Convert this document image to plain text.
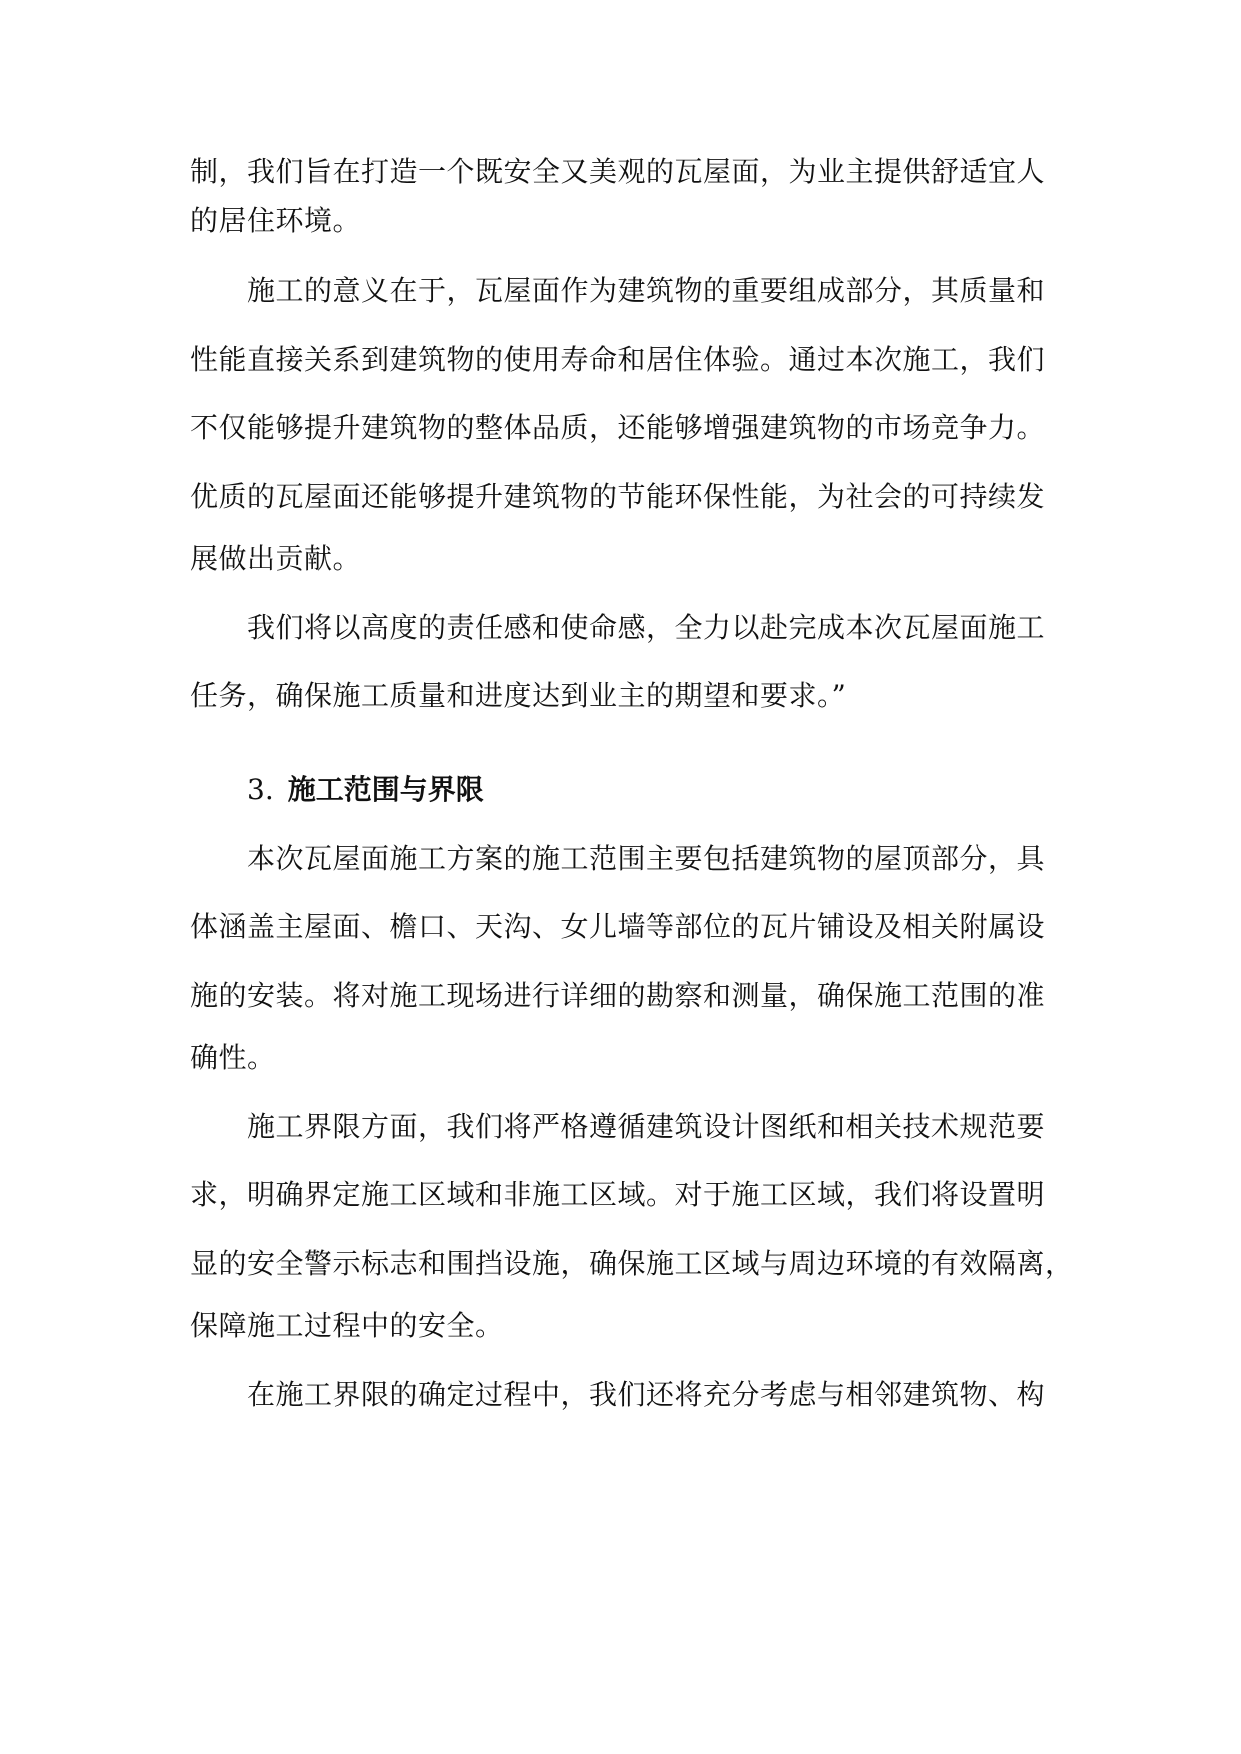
制，我们旨在打造一个既安全又美观的瓦屋面，为业主提供舒适宜人
的居住环境。
施工的意义在于，瓦屋面作为建筑物的重要组成部分，其质量和
性能直接关系到建筑物的使用寿命和居住体验。通过本次施工，我们
不仅能够提升建筑物的整体品质，还能够增强建筑物的市场竞争力。
优质的瓦屋面还能够提升建筑物的节能环保性能，为社会的可持续发
展做出贡献。
我们将以高度的责任感和使命感，全力以赴完成本次瓦屋面施工
任务，确保施工质量和进度达到业主的期望和要求。”
3. 施工范围与界限
本次瓦屋面施工方案的施工范围主要包括建筑物的屋顶部分，具
体涵盖主屋面、檐口、天沟、女儿墙等部位的瓦片铺设及相关附属设
施的安装。将对施工现场进行详细的勘察和测量，确保施工范围的准
确性。
施工界限方面，我们将严格遵循建筑设计图纸和相关技术规范要
求，明确界定施工区域和非施工区域。对于施工区域，我们将设置明
显的安全警示标志和围挡设施，确保施工区域与周边环境的有效隔离，
保障施工过程中的安全。
在施工界限的确定过程中，我们还将充分考虑与相邻建筑物、构
